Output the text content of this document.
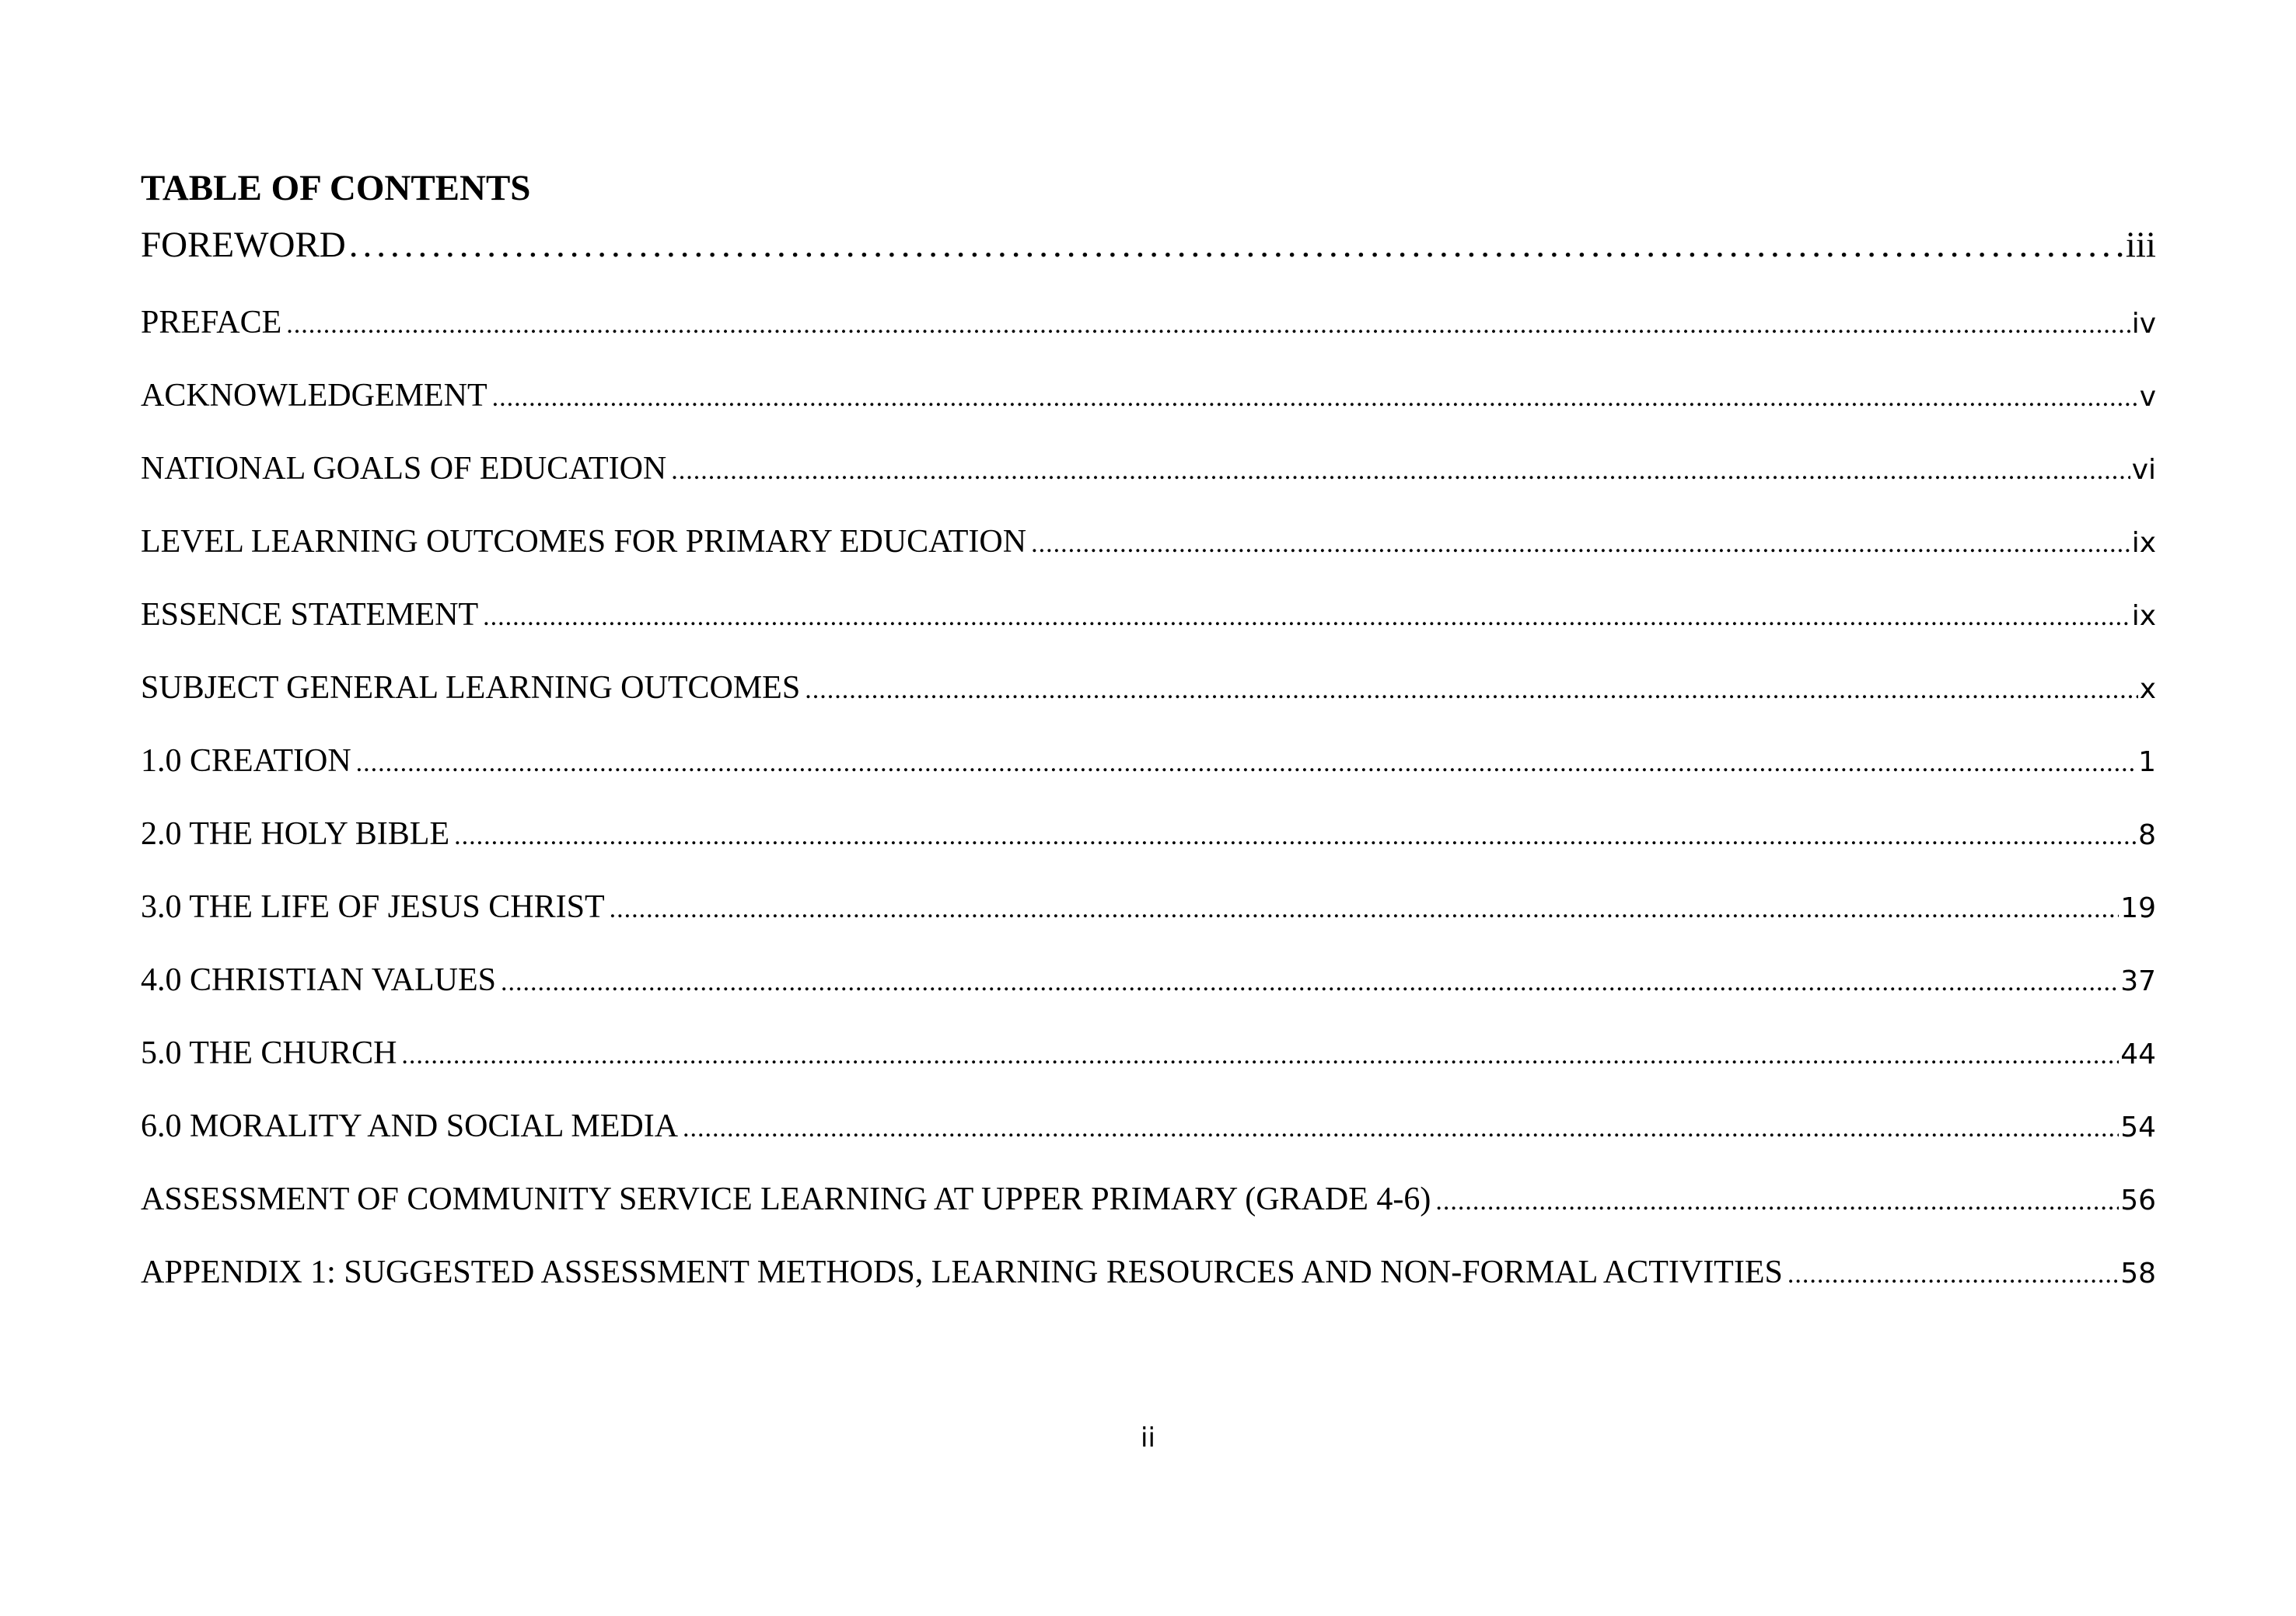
TABLE OF CONTENTS
FOREWORD .....	iii
PREFACE .....	iv
ACKNOWLEDGEMENT .....	v
NATIONAL GOALS OF EDUCATION .....	vi
LEVEL LEARNING OUTCOMES FOR PRIMARY EDUCATION .....	ix
ESSENCE STATEMENT .....	ix
SUBJECT GENERAL LEARNING OUTCOMES .....	x
1.0 CREATION .....	1
2.0 THE HOLY BIBLE .....	8
3.0 THE LIFE OF JESUS CHRIST .....	19
4.0 CHRISTIAN VALUES .....	37
5.0 THE CHURCH .....	44
6.0 MORALITY AND SOCIAL MEDIA .....	54
ASSESSMENT OF COMMUNITY SERVICE LEARNING AT UPPER PRIMARY (GRADE 4-6) .....	56
APPENDIX 1: SUGGESTED ASSESSMENT METHODS, LEARNING RESOURCES AND NON-FORMAL ACTIVITIES .....	58
ii
